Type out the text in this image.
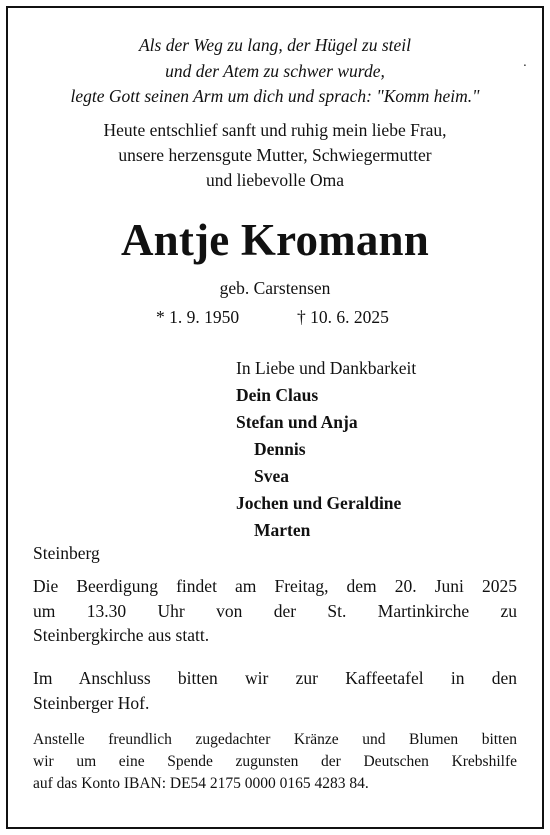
Als der Weg zu lang, der Hügel zu steil
und der Atem zu schwer wurde,
legte Gott seinen Arm um dich und sprach: "Komm heim."
.
Heute entschlief sanft und ruhig mein liebe Frau,
unsere herzensgute Mutter, Schwiegermutter
und liebevolle Oma
Antje Kromann
geb. Carstensen
* 1. 9. 1950	† 10. 6. 2025
In Liebe und Dankbarkeit
Dein Claus
Stefan und Anja
Dennis
Svea
Jochen und Geraldine
Marten
Steinberg
Die Beerdigung findet am Freitag, dem 20. Juni 2025
um 13.30 Uhr von der St. Martinkirche zu
Steinbergkirche aus statt.
Im Anschluss bitten wir zur Kaffeetafel in den
Steinberger Hof.
Anstelle freundlich zugedachter Kränze und Blumen bitten
wir um eine Spende zugunsten der Deutschen Krebshilfe
auf das Konto IBAN: DE54 2175 0000 0165 4283 84.
